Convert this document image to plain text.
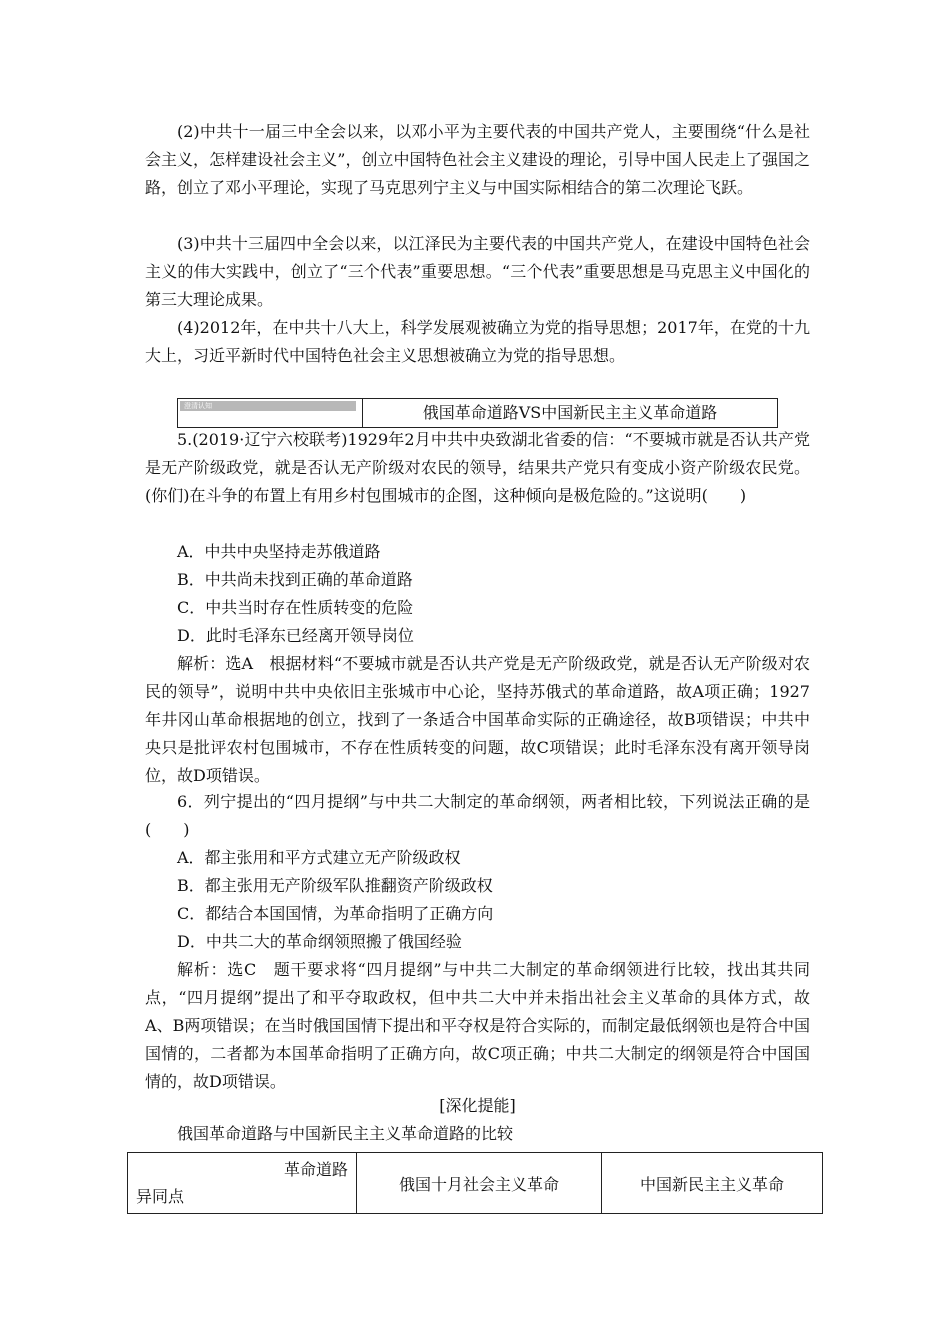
(2)中共十一届三中全会以来，以邓小平为主要代表的中国共产党人，主要围绕“什么是社会主义，怎样建设社会主义”，创立中国特色社会主义建设的理论，引导中国人民走上了强国之路，创立了邓小平理论，实现了马克思列宁主义与中国实际相结合的第二次理论飞跃。

(3)中共十三届四中全会以来，以江泽民为主要代表的中国共产党人，在建设中国特色社会主义的伟大实践中，创立了“三个代表”重要思想。“三个代表”重要思想是马克思主义中国化的第三大理论成果。

(4)2012年，在中共十八大上，科学发展观被确立为党的指导思想；2017年，在党的十九大上，习近平新时代中国特色社会主义思想被确立为党的指导思想。

澄清认知	俄国革命道路VS中国新民主主义革命道路

5.(2019·辽宁六校联考)1929年2月中共中央致湖北省委的信：“不要城市就是否认共产党是无产阶级政党，就是否认无产阶级对农民的领导，结果共产党只有变成小资产阶级农民党。(你们)在斗争的布置上有用乡村包围城市的企图，这种倾向是极危险的。”这说明(　　)

A．中共中央坚持走苏俄道路

B．中共尚未找到正确的革命道路

C．中共当时存在性质转变的危险

D．此时毛泽东已经离开领导岗位

解析：选A　根据材料“不要城市就是否认共产党是无产阶级政党，就是否认无产阶级对农民的领导”，说明中共中央依旧主张城市中心论，坚持苏俄式的革命道路，故A项正确；1927年井冈山革命根据地的创立，找到了一条适合中国革命实际的正确途径，故B项错误；中共中央只是批评农村包围城市，不存在性质转变的问题，故C项错误；此时毛泽东没有离开领导岗位，故D项错误。

6．列宁提出的“四月提纲”与中共二大制定的革命纲领，两者相比较，下列说法正确的是(　　)

A．都主张用和平方式建立无产阶级政权

B．都主张用无产阶级军队推翻资产阶级政权

C．都结合本国国情，为革命指明了正确方向

D．中共二大的革命纲领照搬了俄国经验

解析：选C　题干要求将“四月提纲”与中共二大制定的革命纲领进行比较，找出其共同点，“四月提纲”提出了和平夺取政权，但中共二大中并未指出社会主义革命的具体方式，故A、B两项错误；在当时俄国国情下提出和平夺权是符合实际的，而制定最低纲领也是符合中国国情的，二者都为本国革命指明了正确方向，故C项正确；中共二大制定的纲领是符合中国国情的，故D项错误。

[深化提能]

俄国革命道路与中国新民主主义革命道路的比较

革命道路
异同点
	俄国十月社会主义革命	中国新民主主义革命
